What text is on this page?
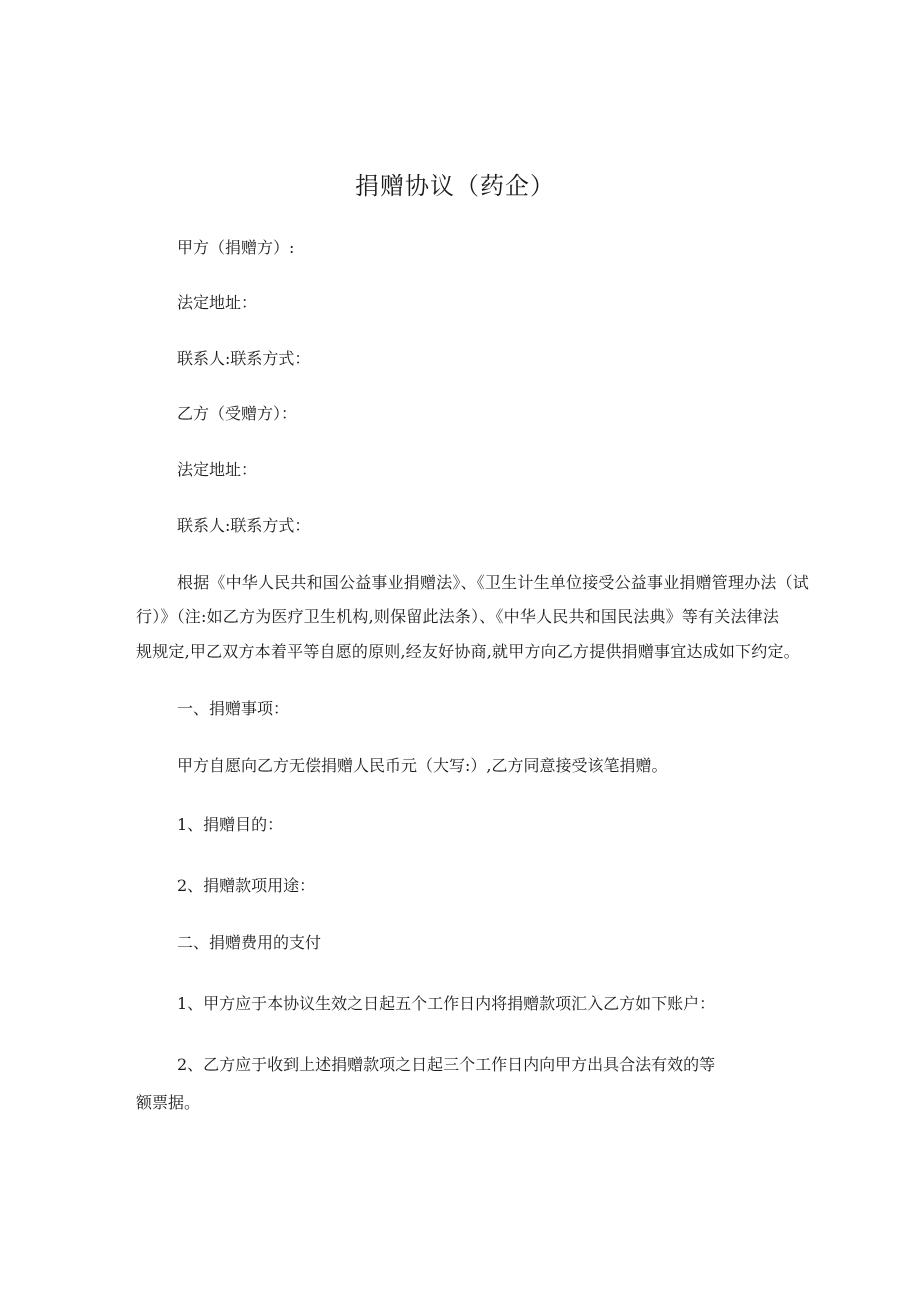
捐赠协议（药企）
甲方（捐赠方）:
法定地址：
联系人:联系方式：
乙方（受赠方）：
法定地址：
联系人:联系方式：
根据《中华人民共和国公益事业捐赠法》、《卫生计生单位接受公益事业捐赠管理办法（试
行）》（注:如乙方为医疗卫生机构,则保留此法条）、《中华人民共和国民法典》等有关法律法
规规定,甲乙双方本着平等自愿的原则,经友好协商,就甲方向乙方提供捐赠事宜达成如下约定。
一、捐赠事项：
甲方自愿向乙方无偿捐赠人民币元（大写:）,乙方同意接受该笔捐赠。
1、捐赠目的：
2、捐赠款项用途：
二、捐赠费用的支付
1、甲方应于本协议生效之日起五个工作日内将捐赠款项汇入乙方如下账户：
2、乙方应于收到上述捐赠款项之日起三个工作日内向甲方出具合法有效的等
额票据。
